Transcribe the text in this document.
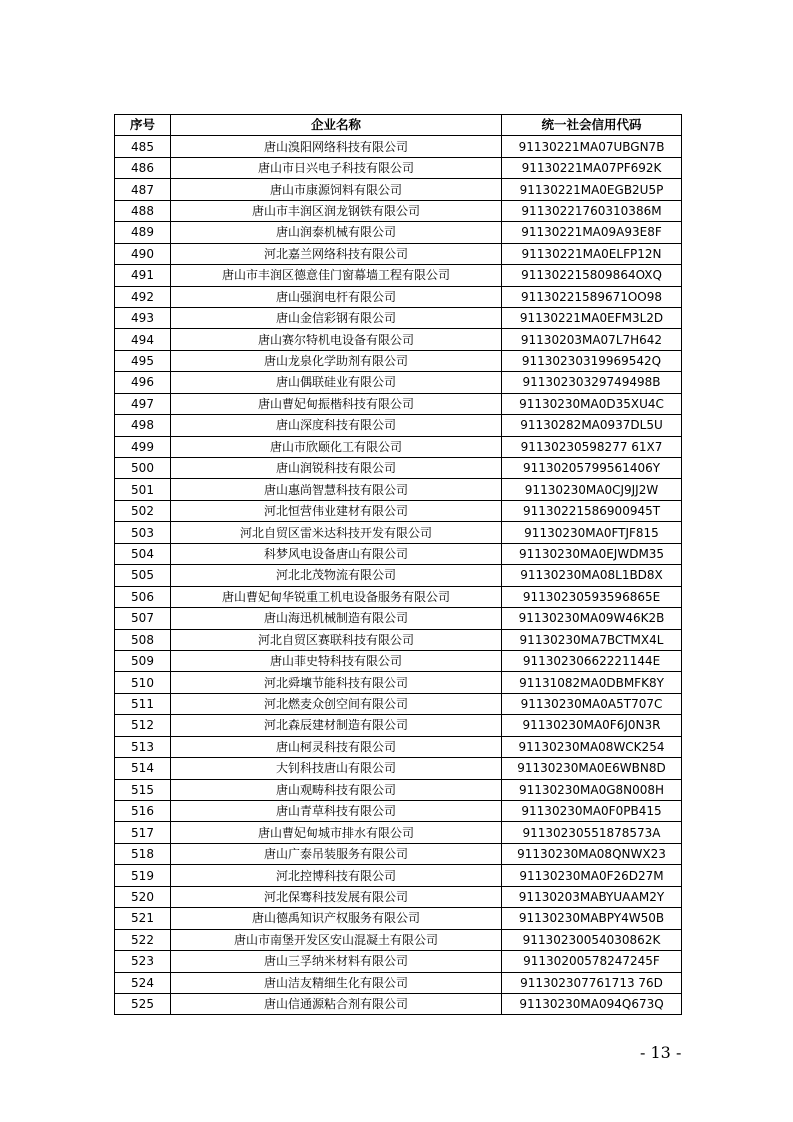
序号	企业名称	统一社会信用代码
485	唐山溴阳网络科技有限公司	91130221MA07UBGN7B
486	唐山市日兴电子科技有限公司	91130221MA07PF692K
487	唐山市康源饲料有限公司	91130221MA0EGB2U5P
488	唐山市丰润区润龙钢铁有限公司	91130221760310386M
489	唐山润泰机械有限公司	91130221MA09A93E8F
490	河北嘉兰网络科技有限公司	91130221MA0ELFP12N
491	唐山市丰润区德意佳门窗幕墙工程有限公司	911302215809864OXQ
492	唐山强润电杆有限公司	91130221589671OO98
493	唐山金信彩钢有限公司	91130221MA0EFM3L2D
494	唐山赛尔特机电设备有限公司	91130203MA07L7H642
495	唐山龙泉化学助剂有限公司	91130230319969542Q
496	唐山偶联硅业有限公司	91130230329749498B
497	唐山曹妃甸振楷科技有限公司	91130230MA0D35XU4C
498	唐山深度科技有限公司	91130282MA0937DL5U
499	唐山市欣颐化工有限公司	91130230598277 61X7
500	唐山润锐科技有限公司	91130205799561406Y
501	唐山惠尚智慧科技有限公司	91130230MA0CJ9JJ2W
502	河北恒营伟业建材有限公司	91130221586900945T
503	河北自贸区雷米达科技开发有限公司	91130230MA0FTJF815
504	科梦风电设备唐山有限公司	91130230MA0EJWDM35
505	河北北茂物流有限公司	91130230MA08L1BD8X
506	唐山曹妃甸华锐重工机电设备服务有限公司	91130230593596865E
507	唐山海迅机械制造有限公司	91130230MA09W46K2B
508	河北自贸区赛联科技有限公司	91130230MA7BCTMX4L
509	唐山菲史特科技有限公司	91130230662221144E
510	河北舜壤节能科技有限公司	91131082MA0DBMFK8Y
511	河北燃麦众创空间有限公司	91130230MA0A5T707C
512	河北森辰建材制造有限公司	91130230MA0F6J0N3R
513	唐山柯灵科技有限公司	91130230MA08WCK254
514	大钊科技唐山有限公司	91130230MA0E6WBN8D
515	唐山观畴科技有限公司	91130230MA0G8N008H
516	唐山青草科技有限公司	91130230MA0F0PB415
517	唐山曹妃甸城市排水有限公司	91130230551878573A
518	唐山广泰吊装服务有限公司	91130230MA08QNWX23
519	河北控博科技有限公司	91130230MA0F26D27M
520	河北保骞科技发展有限公司	91130203MABYUAAM2Y
521	唐山德禹知识产权服务有限公司	91130230MABPY4W50B
522	唐山市南堡开发区安山混凝土有限公司	91130230054030862K
523	唐山三孚纳米材料有限公司	91130200578247245F
524	唐山洁友精细生化有限公司	911302307761713 76D
525	唐山信通源粘合剂有限公司	91130230MA094Q673Q
- 13 -
